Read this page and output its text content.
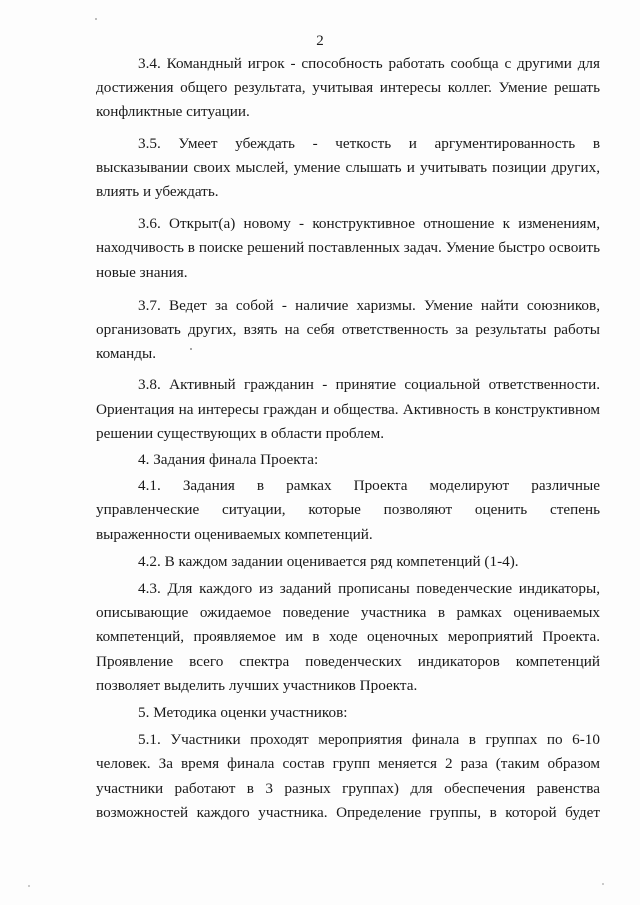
2
3.4. Командный игрок - способность работать сообща с другими для
достижения общего результата, учитывая интересы коллег. Умение решать
конфликтные ситуации.
3.5. Умеет убеждать - четкость и аргументированность в
высказывании своих мыслей, умение слышать и учитывать позиции других,
влиять и убеждать.
3.6. Открыт(а) новому - конструктивное отношение к изменениям,
находчивость в поиске решений поставленных задач. Умение быстро освоить
новые знания.
3.7. Ведет за собой - наличие харизмы. Умение найти союзников,
организовать других, взять на себя ответственность за результаты работы
команды.
3.8. Активный гражданин - принятие социальной ответственности.
Ориентация на интересы граждан и общества. Активность в конструктивном
решении существующих в области проблем.
4. Задания финала Проекта:
4.1. Задания в рамках Проекта моделируют различные
управленческие ситуации, которые позволяют оценить степень
выраженности оцениваемых компетенций.
4.2. В каждом задании оценивается ряд компетенций (1-4).
4.3. Для каждого из заданий прописаны поведенческие индикаторы,
описывающие ожидаемое поведение участника в рамках оцениваемых
компетенций, проявляемое им в ходе оценочных мероприятий Проекта.
Проявление всего спектра поведенческих индикаторов компетенций
позволяет выделить лучших участников Проекта.
5. Методика оценки участников:
5.1. Участники проходят мероприятия финала в группах по 6-10
человек. За время финала состав групп меняется 2 раза (таким образом
участники работают в 3 разных группах) для обеспечения равенства
возможностей каждого участника. Определение группы, в которой будет
